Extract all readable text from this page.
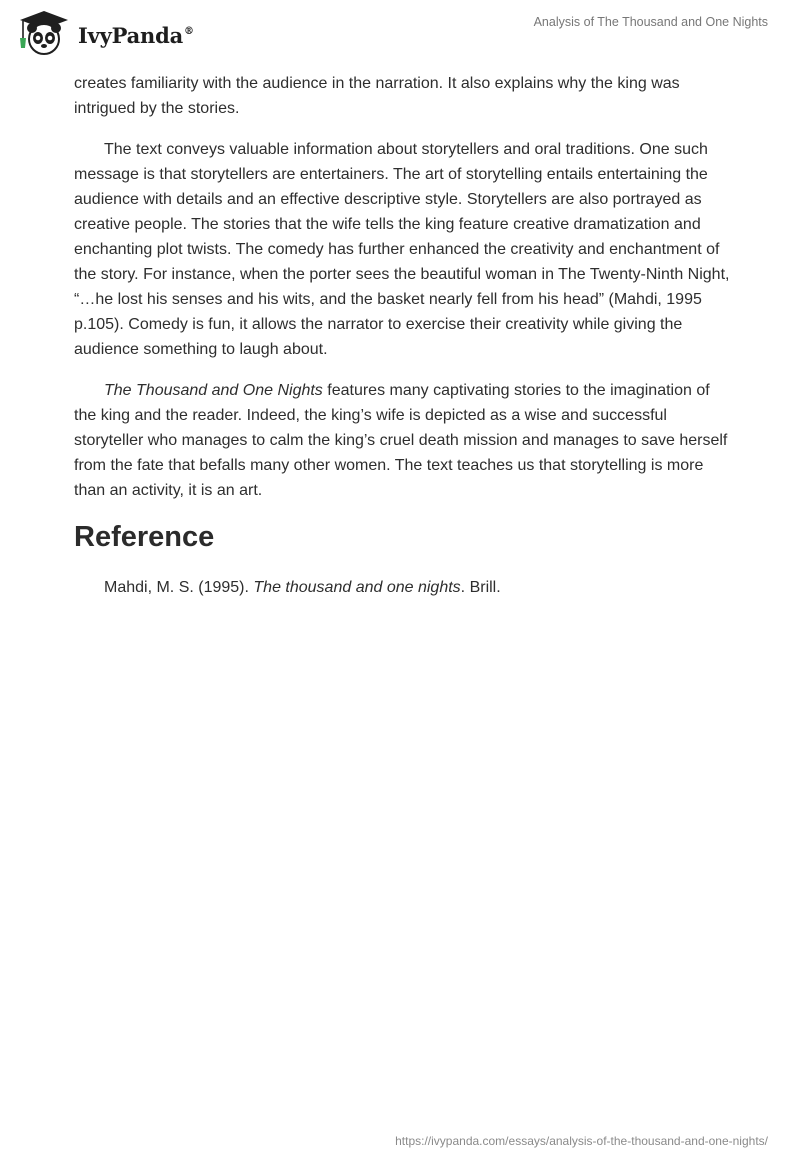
IvyPanda®
Analysis of The Thousand and One Nights

creates familiarity with the audience in the narration. It also explains why the king was intrigued by the stories.

The text conveys valuable information about storytellers and oral traditions. One such message is that storytellers are entertainers. The art of storytelling entails entertaining the audience with details and an effective descriptive style. Storytellers are also portrayed as creative people. The stories that the wife tells the king feature creative dramatization and enchanting plot twists. The comedy has further enhanced the creativity and enchantment of the story. For instance, when the porter sees the beautiful woman in The Twenty-Ninth Night, “…he lost his senses and his wits, and the basket nearly fell from his head” (Mahdi, 1995 p.105). Comedy is fun, it allows the narrator to exercise their creativity while giving the audience something to laugh about.

The Thousand and One Nights features many captivating stories to the imagination of the king and the reader. Indeed, the king’s wife is depicted as a wise and successful storyteller who manages to calm the king’s cruel death mission and manages to save herself from the fate that befalls many other women. The text teaches us that storytelling is more than an activity, it is an art.

Reference
Mahdi, M. S. (1995). The thousand and one nights. Brill.
https://ivypanda.com/essays/analysis-of-the-thousand-and-one-nights/
